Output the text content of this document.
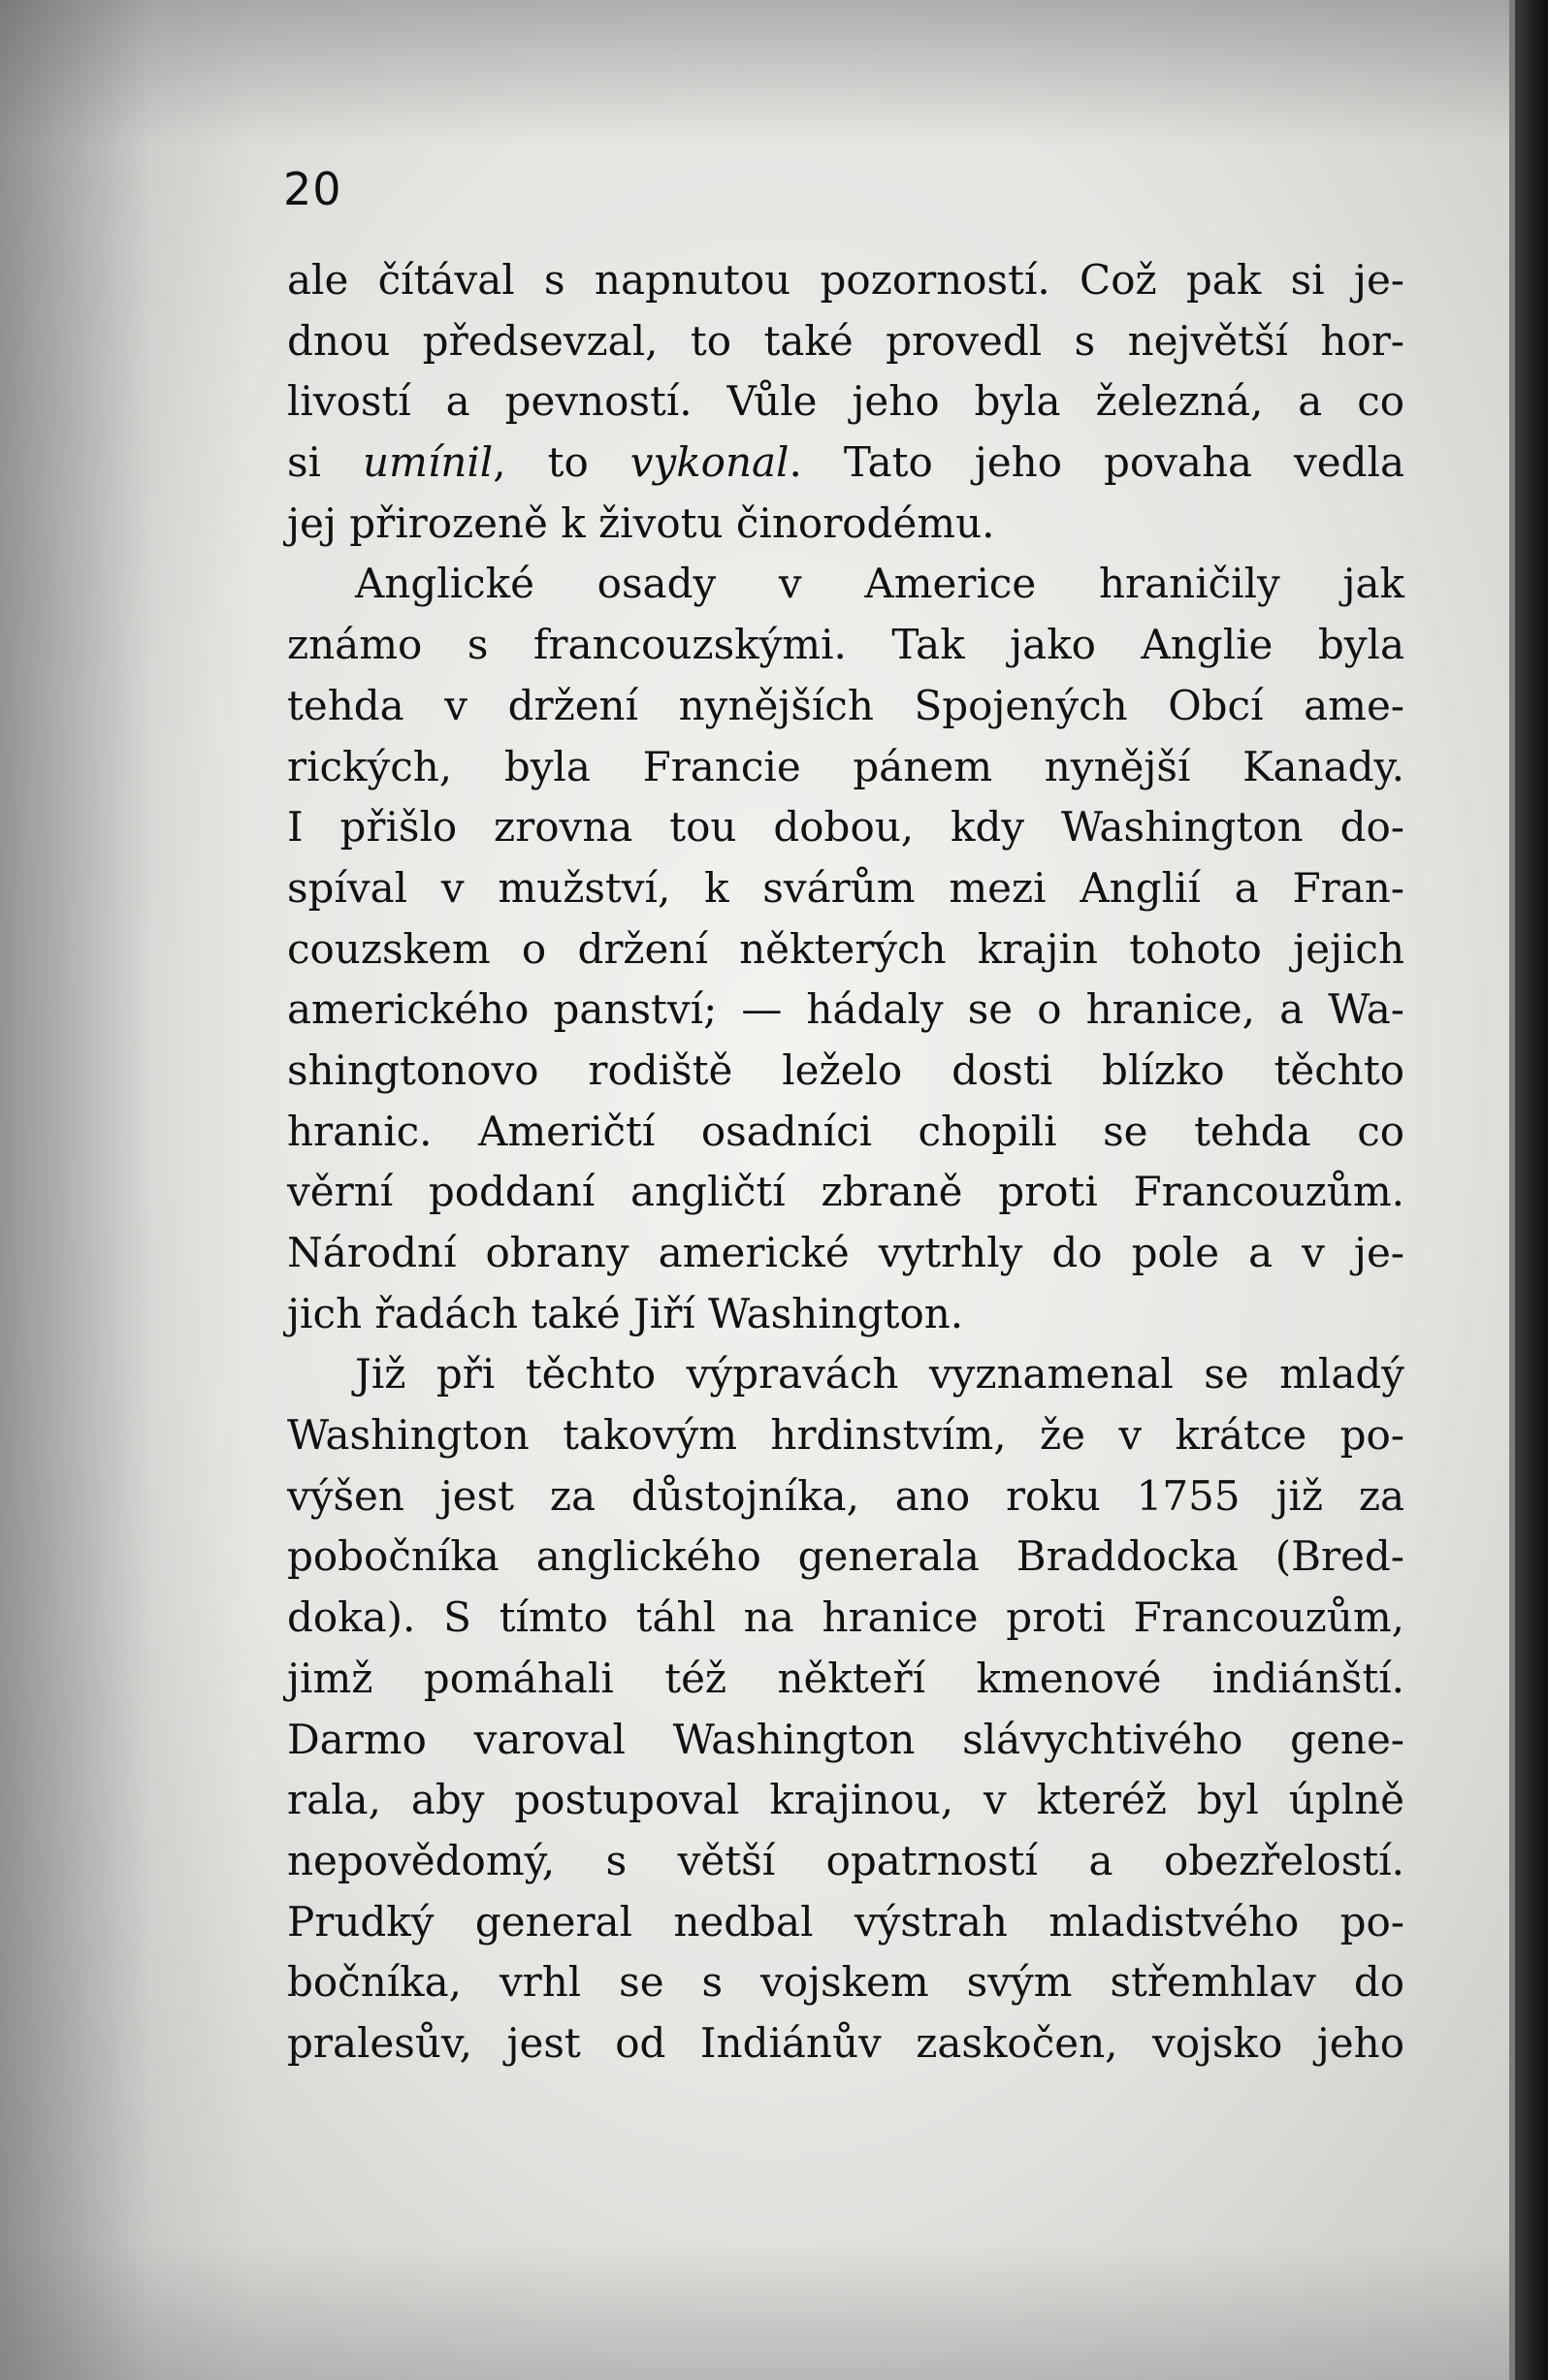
20
ale čítával s napnutou pozorností. Což pak si je-
dnou předsevzal, to také provedl s největší hor-
livostí a pevností. Vůle jeho byla železná, a co
si umínil, to vykonal. Tato jeho povaha vedla
jej přirozeně k životu činorodému.
Anglické osady v Americe hraničily jak
známo s francouzskými. Tak jako Anglie byla
tehda v držení nynějších Spojených Obcí ame-
rických, byla Francie pánem nynější Kanady.
I přišlo zrovna tou dobou, kdy Washington do-
spíval v mužství, k svárům mezi Anglií a Fran-
couzskem o držení některých krajin tohoto jejich
amerického panství; — hádaly se o hranice, a Wa-
shingtonovo rodiště leželo dosti blízko těchto
hranic. Američtí osadníci chopili se tehda co
věrní poddaní angličtí zbraně proti Francouzům.
Národní obrany americké vytrhly do pole a v je-
jich řadách také Jiří Washington.
Již při těchto výpravách vyznamenal se mladý
Washington takovým hrdinstvím, že v krátce po-
výšen jest za důstojníka, ano roku 1755 již za
pobočníka anglického generala Braddocka (Bred-
doka). S tímto táhl na hranice proti Francouzům,
jimž pomáhali též někteří kmenové indiánští.
Darmo varoval Washington slávychtivého gene-
rala, aby postupoval krajinou, v kteréž byl úplně
nepovědomý, s větší opatrností a obezřelostí.
Prudký general nedbal výstrah mladistvého po-
bočníka, vrhl se s vojskem svým střemhlav do
pralesův, jest od Indiánův zaskočen, vojsko jeho
